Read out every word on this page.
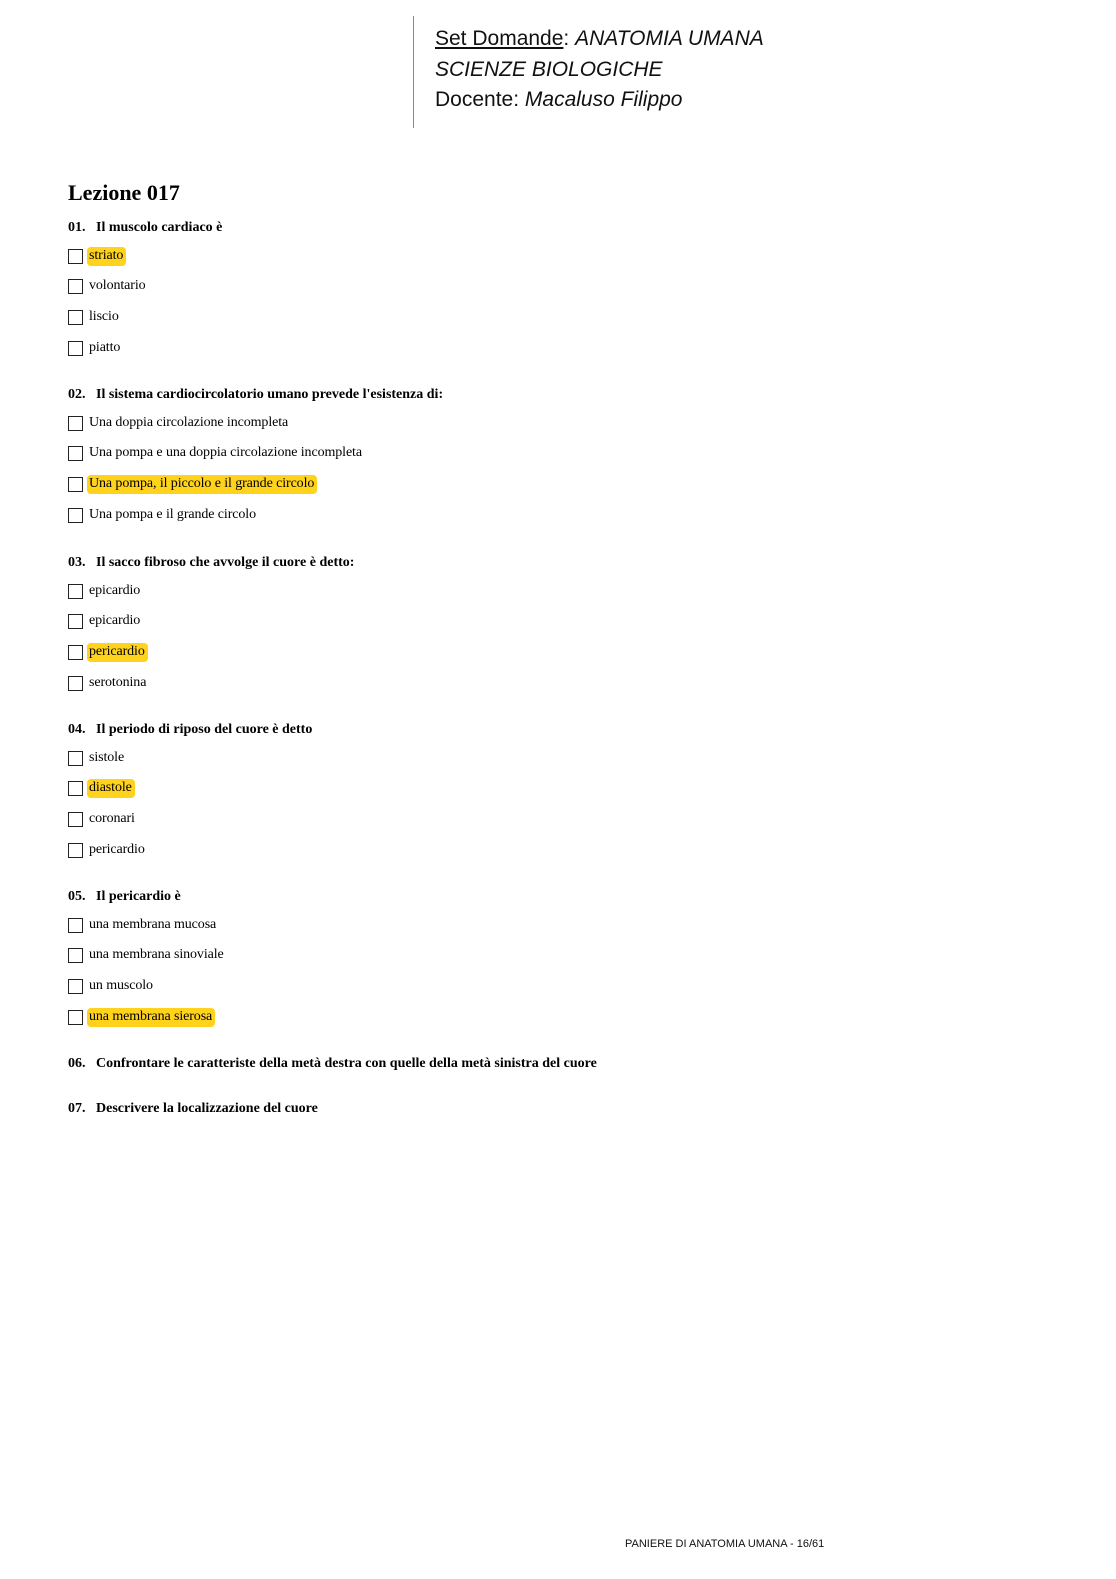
Set Domande: ANATOMIA UMANA
SCIENZE BIOLOGICHE
Docente: Macaluso Filippo
Lezione 017
01. Il muscolo cardiaco è
striato
volontario
liscio
piatto
02. Il sistema cardiocircolatorio umano prevede l'esistenza di:
Una doppia circolazione incompleta
Una pompa e una doppia circolazione incompleta
Una pompa, il piccolo e il grande circolo
Una pompa e il grande circolo
03. Il sacco fibroso che avvolge il cuore è detto:
epicardio
epicardio
pericardio
serotonina
04. Il periodo di riposo del cuore è detto
sistole
diastole
coronari
pericardio
05. Il pericardio è
una membrana mucosa
una membrana sinoviale
un muscolo
una membrana sierosa
06. Confrontare le caratteriste della metà destra con quelle della metà sinistra del cuore
07. Descrivere la localizzazione del cuore
PANIERE DI ANATOMIA UMANA - 16/61
